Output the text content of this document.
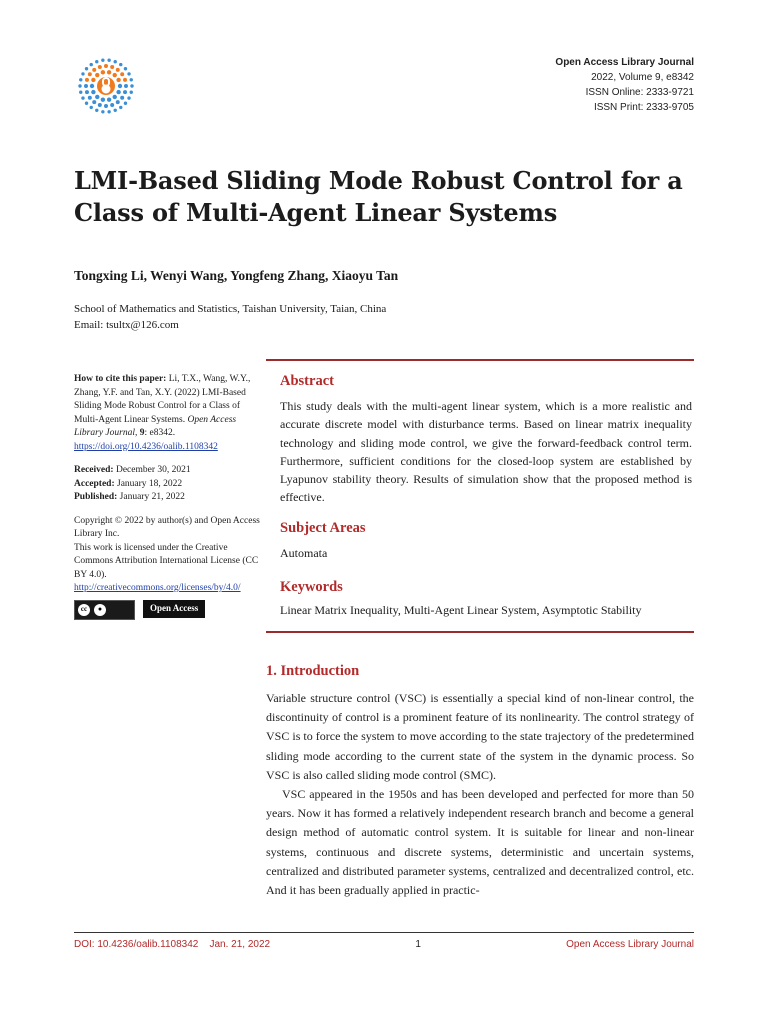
Open Access Library Journal
2022, Volume 9, e8342
ISSN Online: 2333-9721
ISSN Print: 2333-9705
LMI-Based Sliding Mode Robust Control for a Class of Multi-Agent Linear Systems
Tongxing Li, Wenyi Wang, Yongfeng Zhang, Xiaoyu Tan
School of Mathematics and Statistics, Taishan University, Taian, China
Email: tsultx@126.com
How to cite this paper: Li, T.X., Wang, W.Y., Zhang, Y.F. and Tan, X.Y. (2022) LMI-Based Sliding Mode Robust Control for a Class of Multi-Agent Linear Systems. Open Access Library Journal, 9: e8342.
https://doi.org/10.4236/oalib.1108342
Received: December 30, 2021
Accepted: January 18, 2022
Published: January 21, 2022
Copyright © 2022 by author(s) and Open Access Library Inc.
This work is licensed under the Creative Commons Attribution International License (CC BY 4.0).
http://creativecommons.org/licenses/by/4.0/
cc	●	Open Access
Abstract
This study deals with the multi-agent linear system, which is a more realistic and accurate discrete model with disturbance terms. Based on linear matrix inequality technology and sliding mode control, we give the forward-feedback control term. Furthermore, sufficient conditions for the closed-loop system are established by Lyapunov stability theory. Results of simulation show that the proposed method is effective.
Subject Areas
Automata
Keywords
Linear Matrix Inequality, Multi-Agent Linear System, Asymptotic Stability
1. Introduction

Variable structure control (VSC) is essentially a special kind of non-linear control, the discontinuity of control is a prominent feature of its nonlinearity. The control strategy of VSC is to force the system to move according to the state trajectory of the predetermined sliding mode according to the current state of the system in the dynamic process. So VSC is also called sliding mode control (SMC).

VSC appeared in the 1950s and has been developed and perfected for more than 50 years. Now it has formed a relatively independent research branch and become a general design method of automatic control system. It is suitable for linear and non-linear systems, continuous and discrete systems, deterministic and uncertain systems, centralized and distributed parameter systems, centralized and decentralized control, etc. And it has been gradually applied in practic-

DOI: 10.4236/oalib.1108342 Jan. 21, 2022	1	Open Access Library Journal
